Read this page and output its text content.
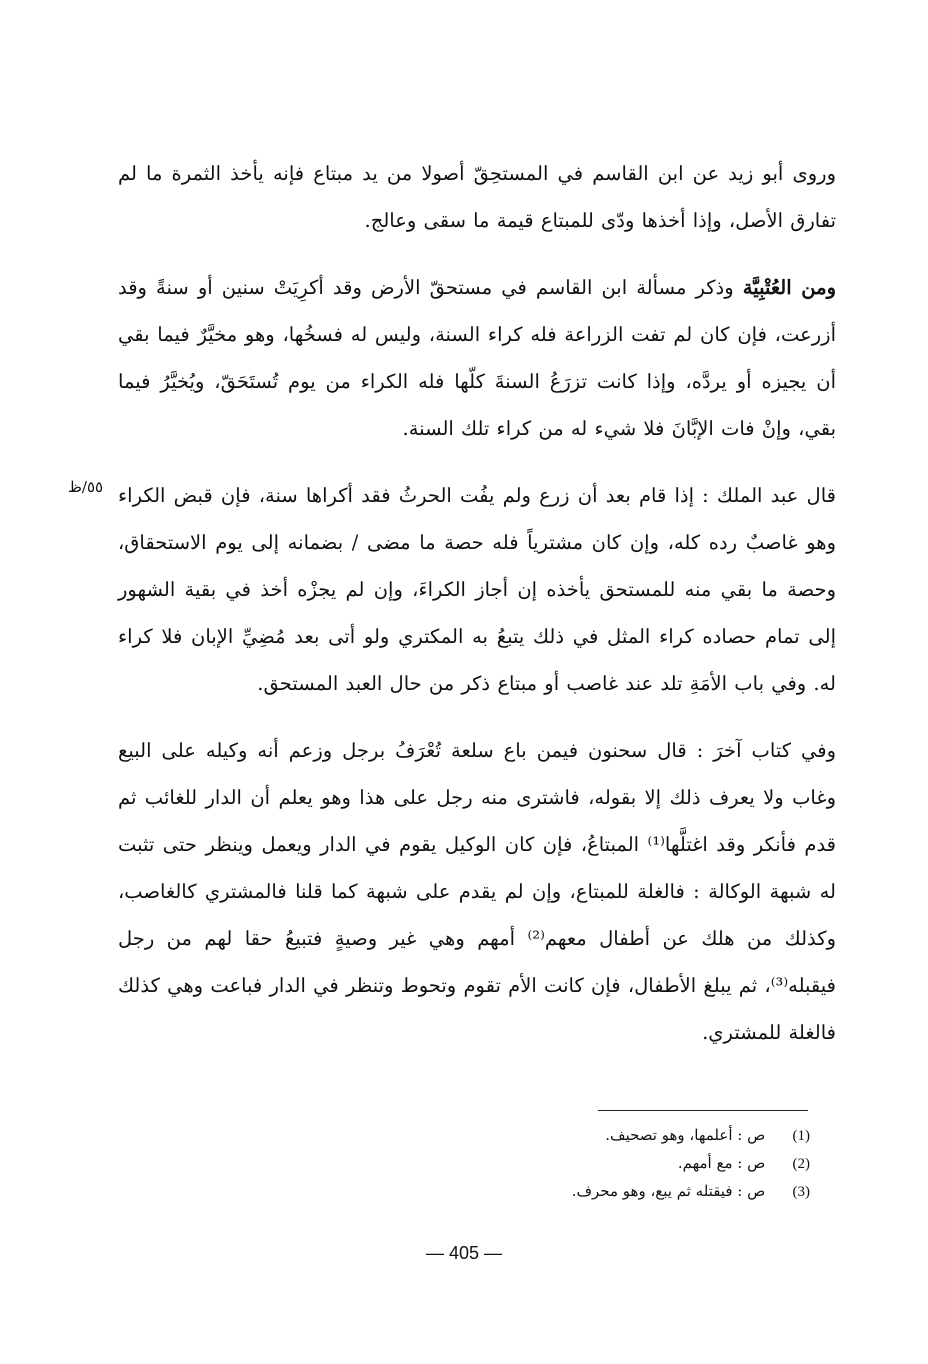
وروى أبو زيد عن ابن القاسم في المستحِقّ أصولا من يد مبتاع فإنه يأخذ الثمرة ما لم تفارق الأصل، وإذا أخذها ودّى للمبتاع قيمة ما سقى وعالج.

ومن العُتْبِيَّة وذكر مسألة ابن القاسم في مستحقّ الأرض وقد أكرِيَتْ سنين أو سنةً وقد أزرعت، فإن كان لم تفت الزراعة فله كراء السنة، وليس له فسخُها، وهو مخيَّرٌ فيما بقي أن يجيزه أو يردَّه، وإذا كانت تزرَعُ السنةَ كلّها فله الكراء من يوم تُستَحَقّ، ويُخيَّرُ فيما بقي، وإنْ فات الإبَّانَ فلا شيء له من كراء تلك السنة.

قال عبد الملك : إذا قام بعد أن زرع ولم يفُت الحرثُ فقد أكراها سنة، فإن قبض الكراء وهو غاصبٌ رده كله، وإن كان مشترياً فله حصة ما مضى / بضمانه إلى يوم الاستحقاق، وحصة ما بقي منه للمستحق يأخذه إن أجاز الكراءَ، وإن لم يجزْه أخذ في بقية الشهور إلى تمام حصاده كراء المثل في ذلك يتبعُ به المكتري ولو أتى بعد مُضِيِّ الإبان فلا كراء له. وفي باب الأمَةِ تلد عند غاصب أو مبتاع ذكر من حال العبد المستحق.

وفي كتاب آخرَ : قال سحنون فيمن باع سلعة تُعْرَفُ برجل وزعم أنه وكيله على البيع وغاب ولا يعرف ذلك إلا بقوله، فاشترى منه رجل على هذا وهو يعلم أن الدار للغائب ثم قدم فأنكر وقد اغتلَّها⁽¹⁾ المبتاعُ، فإن كان الوكيل يقوم في الدار ويعمل وينظر حتى تثبت له شبهة الوكالة : فالغلة للمبتاع، وإن لم يقدم على شبهة كما قلنا فالمشتري كالغاصب، وكذلك من هلك عن أطفال معهم⁽²⁾ أمهم وهي غير وصيةٍ فتبيعُ حقا لهم من رجل فيقبله⁽³⁾، ثم يبلغ الأطفال، فإن كانت الأم تقوم وتحوط وتنظر في الدار فباعت وهي كذلك فالغلة للمشتري.

٥٥/ظ
(1) ص : أعلمها، وهو تصحيف.
(2) ص : مع أمهم.
(3) ص : فيقتله ثم يبع، وهو محرف.
— 405 —
